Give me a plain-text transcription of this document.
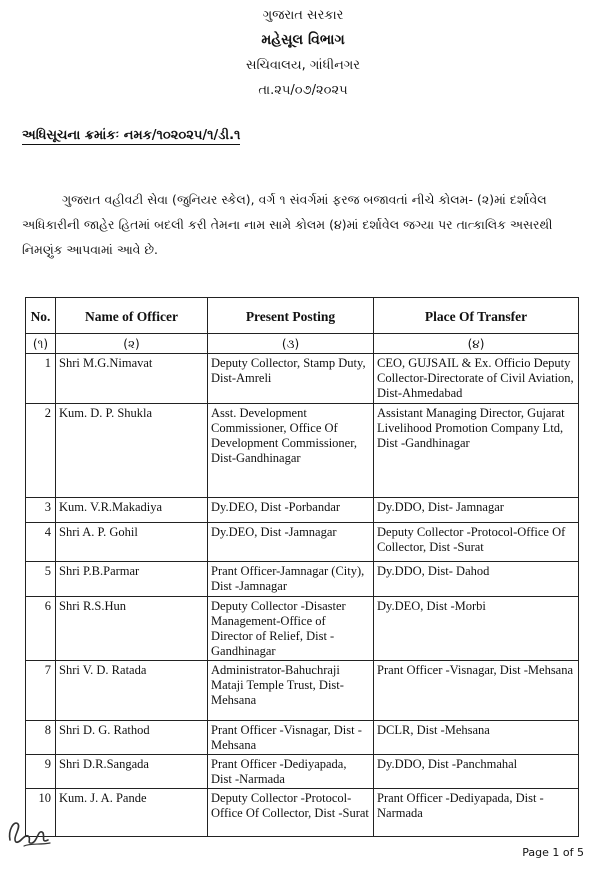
ગુજરાત સરકાર
મહેસૂલ વિભાગ
સચિવાલય, ગાંધીનગર
તા.૨૫/૦૭/૨૦૨૫
અધિસૂચના ક્રમાંકઃ નમક/૧૦૨૦૨૫/૧/ડી.૧
ગુજરાત વહીવટી સેવા (જુનિયર સ્કેલ), વર્ગ ૧ સંવર્ગમાં ફરજ બજાવતાં નીચે કોલમ- (૨)માં દર્શાવેલ અધિકારીની જાહેર હિતમાં બદલી કરી તેમના નામ સામે કોલમ (૪)માં દર્શાવેલ જગ્યા પર તાત્કાલિક અસરથી નિમણુંક આપવામાં આવે છે.
No.	Name of Officer	Present Posting	Place Of Transfer
(૧)	(૨)	(૩)	(૪)
1	Shri M.G.Nimavat	Deputy Collector, Stamp Duty, Dist-Amreli	CEO, GUJSAIL & Ex. Officio Deputy Collector-Directorate of Civil Aviation, Dist-Ahmedabad
2	Kum. D. P. Shukla	Asst. Development Commissioner, Office Of Development Commissioner, Dist-Gandhinagar	Assistant Managing Director, Gujarat Livelihood Promotion Company Ltd, Dist -Gandhinagar
3	Kum. V.R.Makadiya	Dy.DEO, Dist -Porbandar	Dy.DDO, Dist- Jamnagar
4	Shri A. P. Gohil	Dy.DEO, Dist -Jamnagar	Deputy Collector -Protocol-Office Of Collector, Dist -Surat
5	Shri P.B.Parmar	Prant Officer-Jamnagar (City), Dist -Jamnagar	Dy.DDO, Dist- Dahod
6	Shri R.S.Hun	Deputy Collector -Disaster Management-Office of Director of Relief, Dist -Gandhinagar	Dy.DEO, Dist -Morbi
7	Shri V. D. Ratada	Administrator-Bahuchraji Mataji Temple Trust, Dist-Mehsana	Prant Officer -Visnagar, Dist -Mehsana
8	Shri D. G. Rathod	Prant Officer -Visnagar, Dist -Mehsana	DCLR, Dist -Mehsana
9	Shri D.R.Sangada	Prant Officer -Dediyapada, Dist -Narmada	Dy.DDO, Dist -Panchmahal
10	Kum. J. A. Pande	Deputy Collector -Protocol-Office Of Collector, Dist -Surat	Prant Officer -Dediyapada, Dist -Narmada
Page 1 of 5
